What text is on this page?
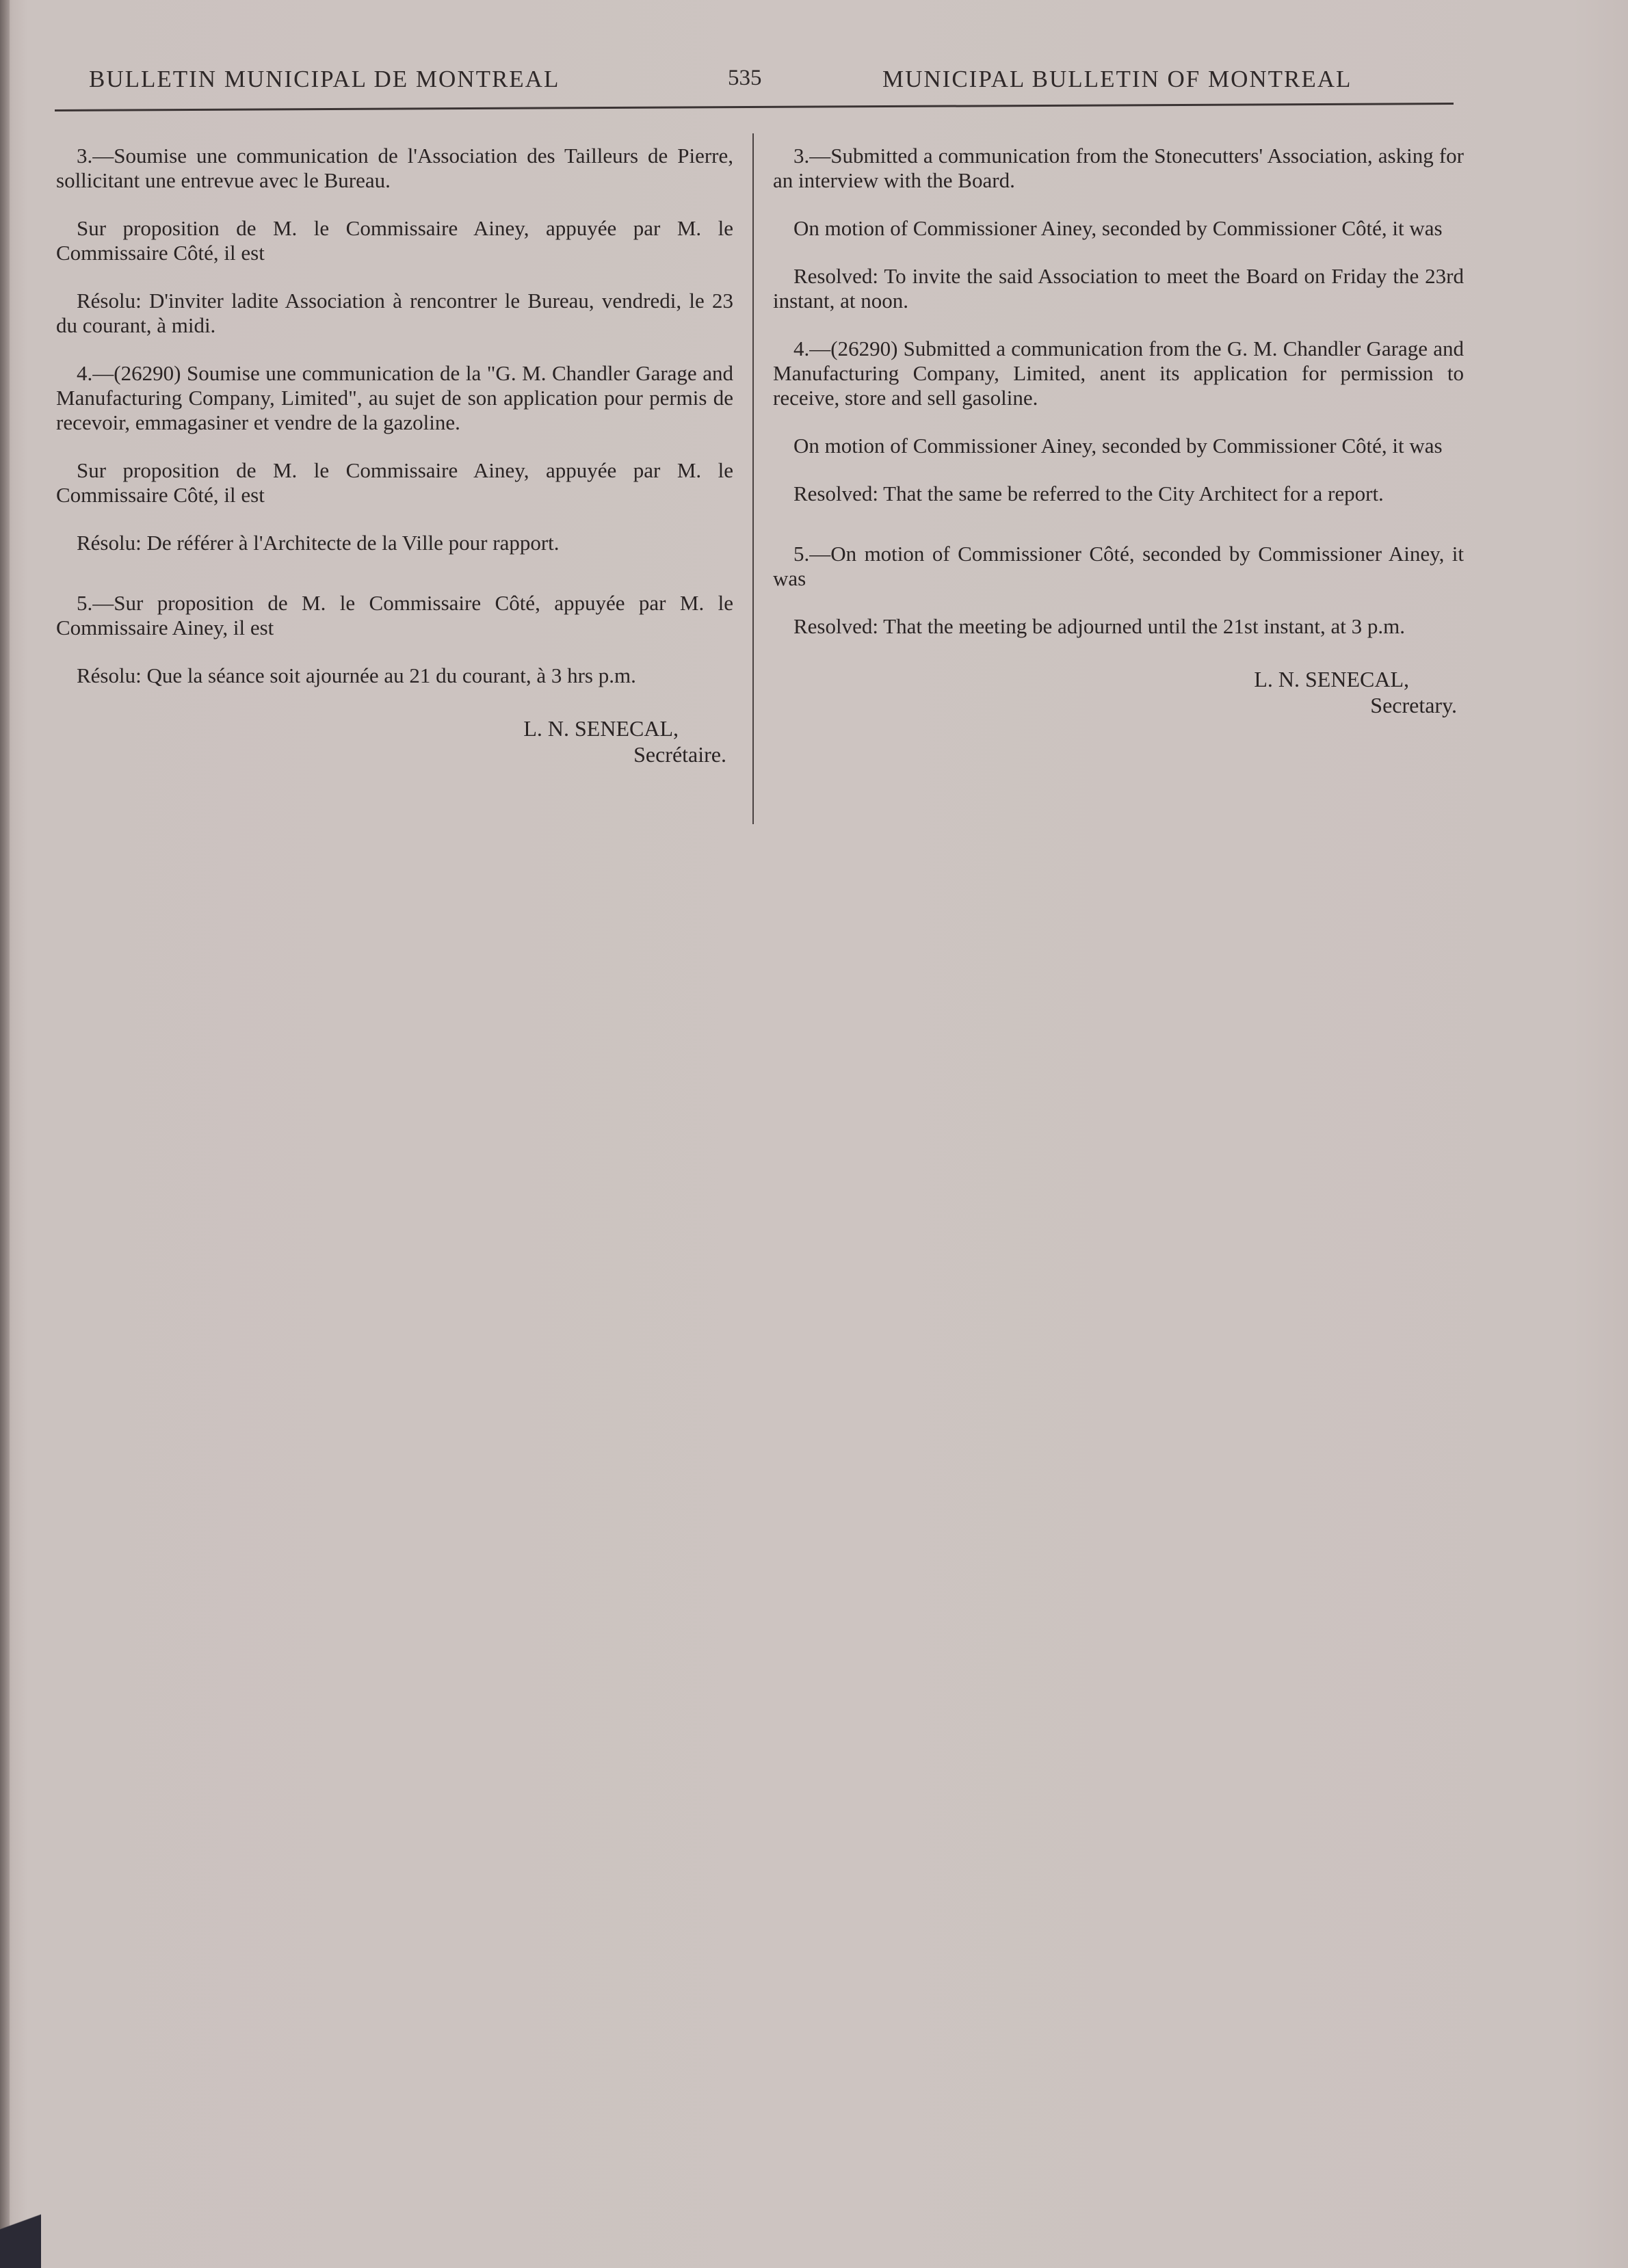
BULLETIN MUNICIPAL DE MONTREAL	535	MUNICIPAL BULLETIN OF MONTREAL

3.—Soumise une communication de l'Association des Tailleurs de Pierre, sollicitant une entrevue avec le Bureau.

Sur proposition de M. le Commissaire Ainey, appuyée par M. le Commissaire Côté, il est

Résolu: D'inviter ladite Association à rencontrer le Bureau, vendredi, le 23 du courant, à midi.

4.—(26290) Soumise une communication de la "G. M. Chandler Garage and Manufacturing Company, Limited", au sujet de son application pour permis de recevoir, emmagasiner et vendre de la gazoline.

Sur proposition de M. le Commissaire Ainey, appuyée par M. le Commissaire Côté, il est

Résolu: De référer à l'Architecte de la Ville pour rapport.

5.—Sur proposition de M. le Commissaire Côté, appuyée par M. le Commissaire Ainey, il est

Résolu: Que la séance soit ajournée au 21 du courant, à 3 hrs p.m.

L. N. SENECAL,
Secrétaire.

3.—Submitted a communication from the Stonecutters' Association, asking for an interview with the Board.

On motion of Commissioner Ainey, seconded by Commissioner Côté, it was

Resolved: To invite the said Association to meet the Board on Friday the 23rd instant, at noon.

4.—(26290) Submitted a communication from the G. M. Chandler Garage and Manufacturing Company, Limited, anent its application for permission to receive, store and sell gasoline.

On motion of Commissioner Ainey, seconded by Commissioner Côté, it was

Resolved: That the same be referred to the City Architect for a report.

5.—On motion of Commissioner Côté, seconded by Commissioner Ainey, it was

Resolved: That the meeting be adjourned until the 21st instant, at 3 p.m.

L. N. SENECAL,
Secretary.
